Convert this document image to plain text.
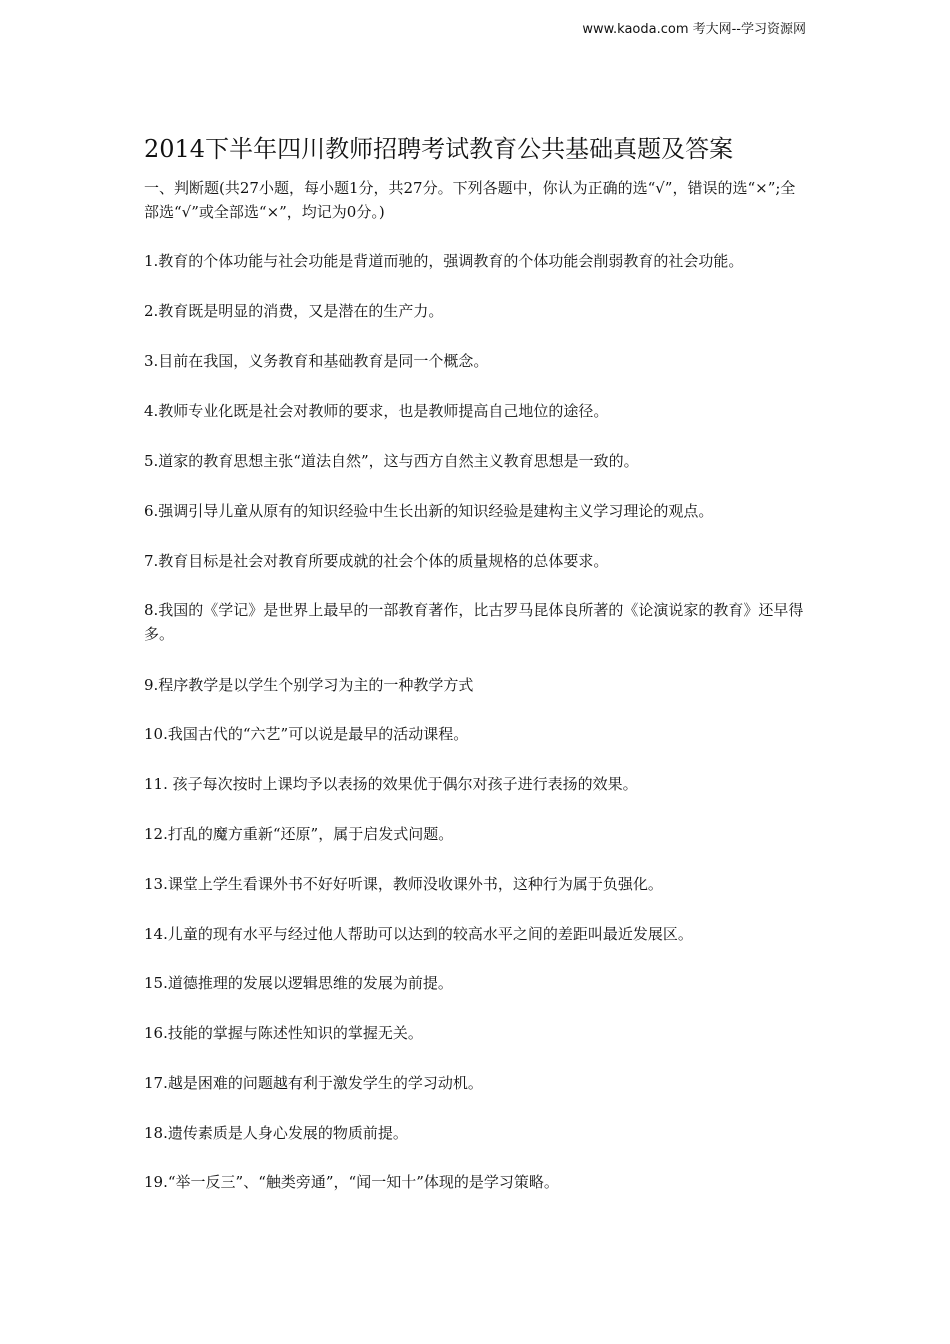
www.kaoda.com 考大网--学习资源网
2014下半年四川教师招聘考试教育公共基础真题及答案
一、判断题(共27小题，每小题1分，共27分。下列各题中，你认为正确的选“√”，错误的选“×”;全部选“√”或全部选“×”，均记为0分。)
1.教育的个体功能与社会功能是背道而驰的，强调教育的个体功能会削弱教育的社会功能。
2.教育既是明显的消费，又是潜在的生产力。
3.目前在我国，义务教育和基础教育是同一个概念。
4.教师专业化既是社会对教师的要求，也是教师提高自己地位的途径。
5.道家的教育思想主张“道法自然”，这与西方自然主义教育思想是一致的。
6.强调引导儿童从原有的知识经验中生长出新的知识经验是建构主义学习理论的观点。
7.教育目标是社会对教育所要成就的社会个体的质量规格的总体要求。
8.我国的《学记》是世界上最早的一部教育著作，比古罗马昆体良所著的《论演说家的教育》还早得多。
9.程序教学是以学生个别学习为主的一种教学方式
10.我国古代的“六艺”可以说是最早的活动课程。
11. 孩子每次按时上课均予以表扬的效果优于偶尔对孩子进行表扬的效果。
12.打乱的魔方重新“还原”，属于启发式问题。
13.课堂上学生看课外书不好好听课，教师没收课外书，这种行为属于负强化。
14.儿童的现有水平与经过他人帮助可以达到的较高水平之间的差距叫最近发展区。
15.道德推理的发展以逻辑思维的发展为前提。
16.技能的掌握与陈述性知识的掌握无关。
17.越是困难的问题越有利于激发学生的学习动机。
18.遗传素质是人身心发展的物质前提。
19.“举一反三”、“触类旁通”，“闻一知十”体现的是学习策略。
